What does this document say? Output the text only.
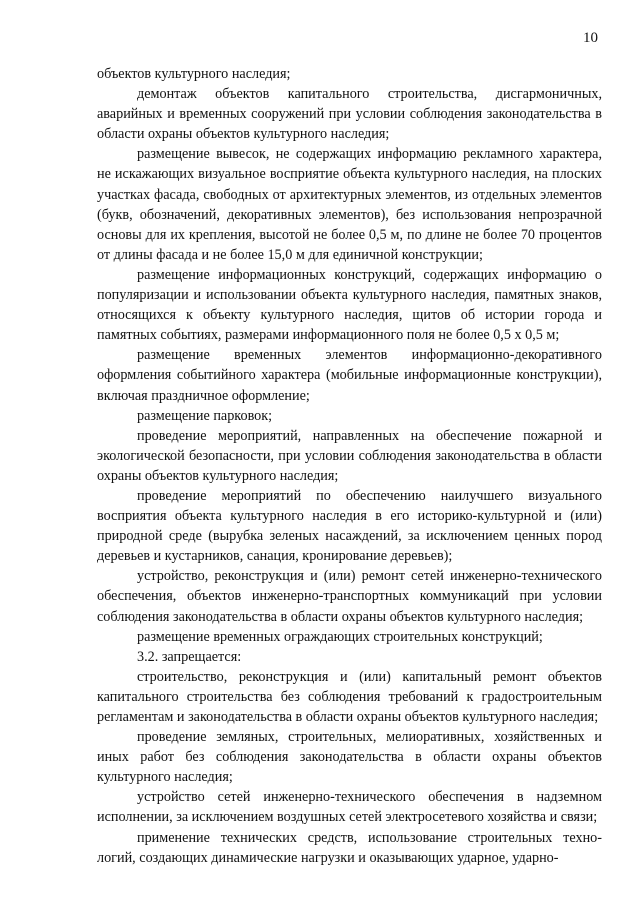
10

объектов культурного наследия;

демонтаж объектов капитального строительства, дисгармоничных, аварийных и временных сооружений при условии соблюдения законодательства в области охраны объектов культурного наследия;

размещение вывесок, не содержащих информацию рекламного характера, не искажающих визуальное восприятие объекта культурного наследия, на плоских участках фасада, свободных от архитектурных элементов, из отдельных элементов (букв, обозначений, декоративных элементов), без использования непрозрачной основы для их крепления, высотой не более 0,5 м, по длине не более 70 процентов от длины фасада и не более 15,0 м для единичной конструкции;

размещение информационных конструкций, содержащих информацию о популяризации и использовании объекта культурного наследия, памятных знаков, относящихся к объекту культурного наследия, щитов об истории города и памятных событиях, размерами информационного поля не более 0,5 х 0,5 м;

размещение временных элементов информационно-декоративного оформления событийного характера (мобильные информационные конструкции), включая праздничное оформление;

размещение парковок;

проведение мероприятий, направленных на обеспечение пожарной и экологической безопасности, при условии соблюдения законодательства в области охраны объектов культурного наследия;

проведение мероприятий по обеспечению наилучшего визуального восприятия объекта культурного наследия в его историко-культурной и (или) природной среде (вырубка зеленых насаждений, за исключением ценных пород деревьев и кустарников, санация, кронирование деревьев);

устройство, реконструкция и (или) ремонт сетей инженерно-технического обеспечения, объектов инженерно-транспортных коммуникаций при условии соблюдения законодательства в области охраны объектов культурного наследия;

размещение временных ограждающих строительных конструкций;

3.2. запрещается:

строительство, реконструкция и (или) капитальный ремонт объектов капитального строительства без соблюдения требований к градостроительным регламентам и законодательства в области охраны объектов культурного наследия;

проведение земляных, строительных, мелиоративных, хозяйственных и иных работ без соблюдения законодательства в области охраны объектов культурного наследия;

устройство сетей инженерно-технического обеспечения в надземном исполнении, за исключением воздушных сетей электросетевого хозяйства и связи;

применение технических средств, использование строительных техно-логий, создающих динамические нагрузки и оказывающих ударное, ударно-
